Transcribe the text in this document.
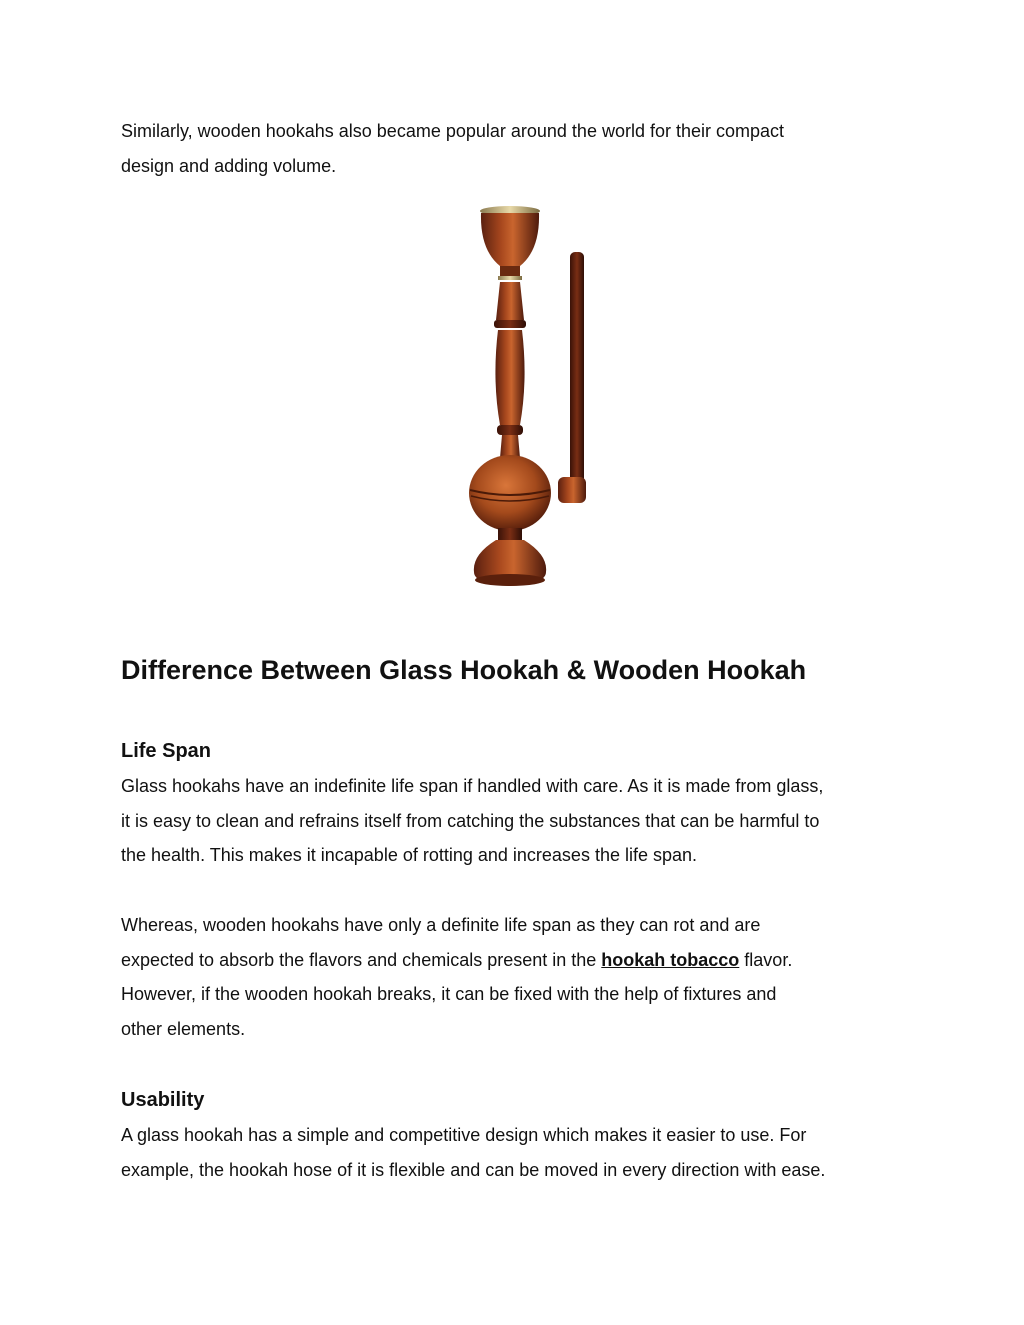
Similarly, wooden hookahs also became popular around the world for their compact
design and adding volume.

Difference Between Glass Hookah & Wooden Hookah
Life Span

Glass hookahs have an indefinite life span if handled with care. As it is made from glass,
it is easy to clean and refrains itself from catching the substances that can be harmful to
the health. This makes it incapable of rotting and increases the life span.

Whereas, wooden hookahs have only a definite life span as they can rot and are
expected to absorb the flavors and chemicals present in the hookah tobacco flavor.
However, if the wooden hookah breaks, it can be fixed with the help of fixtures and
other elements.

Usability

A glass hookah has a simple and competitive design which makes it easier to use. For
example, the hookah hose of it is flexible and can be moved in every direction with ease.
